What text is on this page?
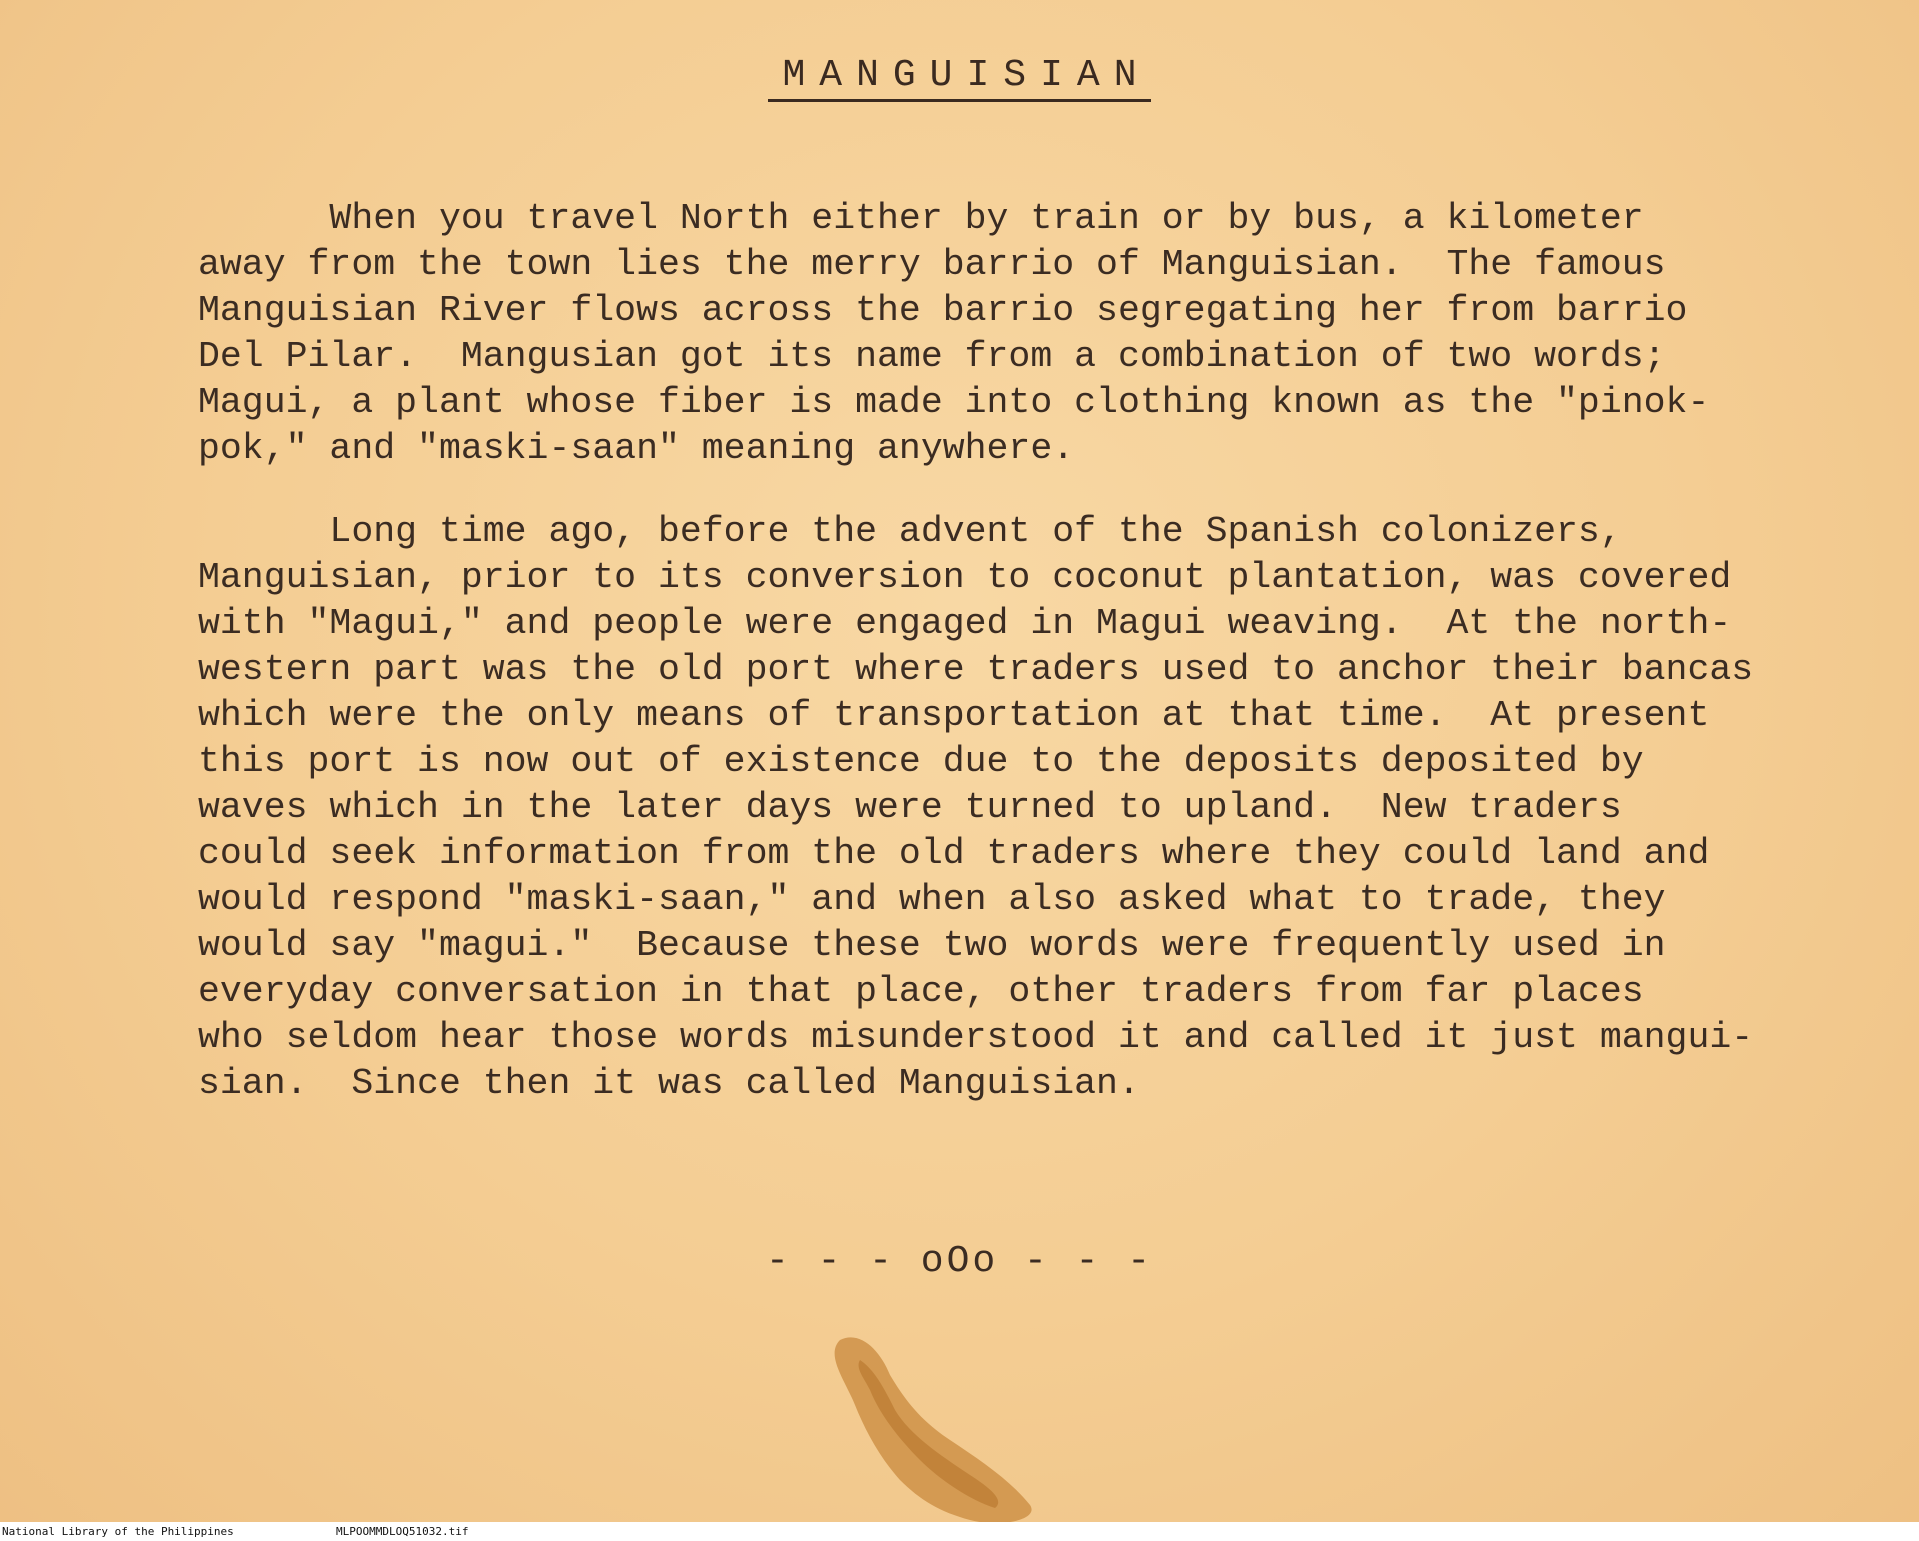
MANGUISIAN
When you travel North either by train or by bus, a kilometer
away from the town lies the merry barrio of Manguisian.  The famous
Manguisian River flows across the barrio segregating her from barrio
Del Pilar.  Mangusian got its name from a combination of two words;
Magui, a plant whose fiber is made into clothing known as the "pinok-
pok," and "maski-saan" meaning anywhere.
Long time ago, before the advent of the Spanish colonizers,
Manguisian, prior to its conversion to coconut plantation, was covered
with "Magui," and people were engaged in Magui weaving.  At the north-
western part was the old port where traders used to anchor their bancas
which were the only means of transportation at that time.  At present
this port is now out of existence due to the deposits deposited by
waves which in the later days were turned to upland.  New traders
could seek information from the old traders where they could land and
would respond "maski-saan," and when also asked what to trade, they
would say "magui."  Because these two words were frequently used in
everyday conversation in that place, other traders from far places
who seldom hear those words misunderstood it and called it just mangui-
sian.  Since then it was called Manguisian.
- - - oOo - - -
National Library of the Philippines	MLPOOMMDLOQ51032.tif
